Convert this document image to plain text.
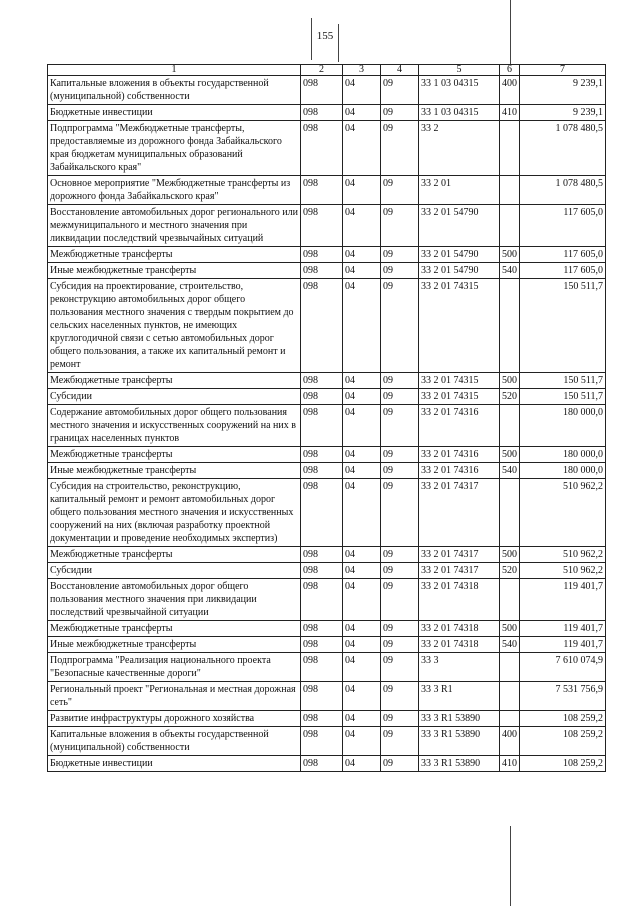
155
1	2	3	4	5	6	7
Капитальные вложения в объекты государственной (муниципальной) собственности	098	04	09	33 1 03 04315	400	9 239,1
Бюджетные инвестиции	098	04	09	33 1 03 04315	410	9 239,1
Подпрограмма "Межбюджетные трансферты, предоставляемые из дорожного фонда Забайкальского края бюджетам муниципальных образований Забайкальского края"	098	04	09	33 2		1 078 480,5
Основное мероприятие "Межбюджетные трансферты из дорожного фонда Забайкальского края"	098	04	09	33 2 01		1 078 480,5
Восстановление автомобильных дорог регионального или межмуниципального и местного значения при ликвидации последствий чрезвычайных ситуаций	098	04	09	33 2 01 54790		117 605,0
Межбюджетные трансферты	098	04	09	33 2 01 54790	500	117 605,0
Иные межбюджетные трансферты	098	04	09	33 2 01 54790	540	117 605,0
Субсидия на проектирование, строительство, реконструкцию автомобильных дорог общего пользования местного значения с твердым покрытием до сельских населенных пунктов, не имеющих круглогодичной связи с сетью автомобильных дорог общего пользования, а также их капитальный ремонт и ремонт	098	04	09	33 2 01 74315		150 511,7
Межбюджетные трансферты	098	04	09	33 2 01 74315	500	150 511,7
Субсидии	098	04	09	33 2 01 74315	520	150 511,7
Содержание автомобильных дорог общего пользования местного значения и искусственных сооружений на них в границах населенных пунктов	098	04	09	33 2 01 74316		180 000,0
Межбюджетные трансферты	098	04	09	33 2 01 74316	500	180 000,0
Иные межбюджетные трансферты	098	04	09	33 2 01 74316	540	180 000,0
Субсидия на строительство, реконструкцию, капитальный ремонт и ремонт автомобильных дорог общего пользования местного значения и искусственных сооружений на них (включая разработку проектной документации и проведение необходимых экспертиз)	098	04	09	33 2 01 74317		510 962,2
Межбюджетные трансферты	098	04	09	33 2 01 74317	500	510 962,2
Субсидии	098	04	09	33 2 01 74317	520	510 962,2
Восстановление автомобильных дорог общего пользования местного значения при ликвидации последствий чрезвычайной ситуации	098	04	09	33 2 01 74318		119 401,7
Межбюджетные трансферты	098	04	09	33 2 01 74318	500	119 401,7
Иные межбюджетные трансферты	098	04	09	33 2 01 74318	540	119 401,7
Подпрограмма "Реализация национального проекта "Безопасные качественные дороги"	098	04	09	33 3		7 610 074,9
Региональный проект "Региональная и местная дорожная сеть"	098	04	09	33 3 R1		7 531 756,9
Развитие инфраструктуры дорожного хозяйства	098	04	09	33 3 R1 53890		108 259,2
Капитальные вложения в объекты государственной (муниципальной) собственности	098	04	09	33 3 R1 53890	400	108 259,2
Бюджетные инвестиции	098	04	09	33 3 R1 53890	410	108 259,2
